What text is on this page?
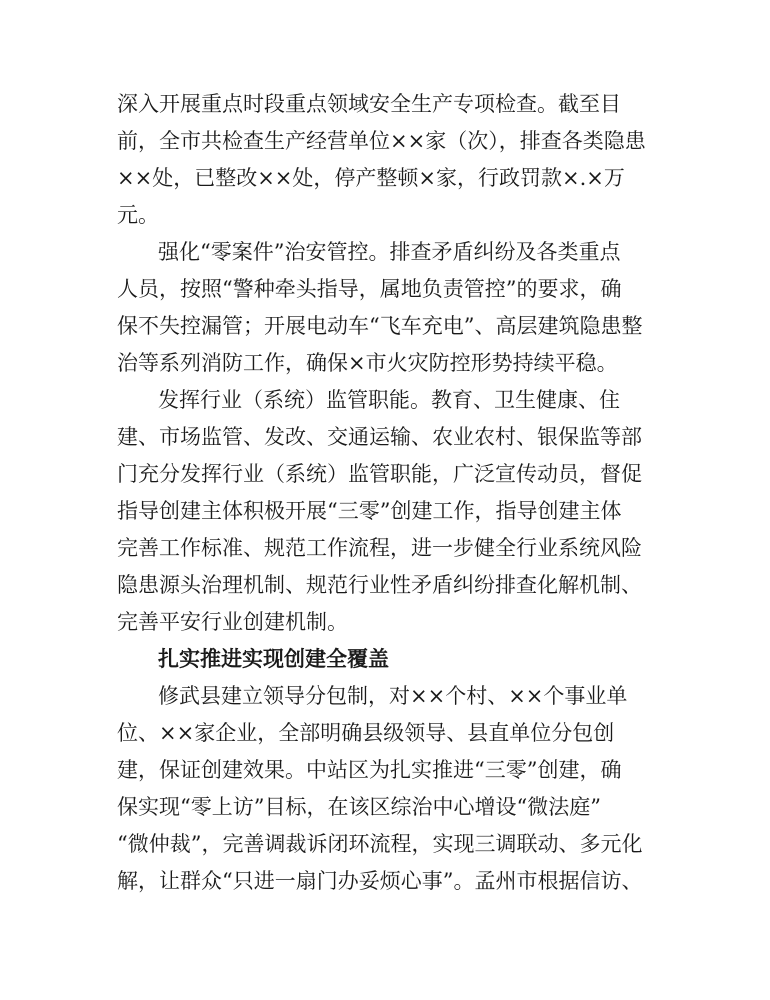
深入开展重点时段重点领域安全生产专项检查。截至目
前，全市共检查生产经营单位××家（次），排查各类隐患
××处，已整改××处，停产整顿×家，行政罚款×.×万
元。
强化“零案件”治安管控。排查矛盾纠纷及各类重点
人员，按照“警种牵头指导，属地负责管控”的要求，确
保不失控漏管；开展电动车“飞车充电”、高层建筑隐患整
治等系列消防工作，确保×市火灾防控形势持续平稳。
发挥行业（系统）监管职能。教育、卫生健康、住
建、市场监管、发改、交通运输、农业农村、银保监等部
门充分发挥行业（系统）监管职能，广泛宣传动员，督促
指导创建主体积极开展“三零”创建工作，指导创建主体
完善工作标准、规范工作流程，进一步健全行业系统风险
隐患源头治理机制、规范行业性矛盾纠纷排查化解机制、
完善平安行业创建机制。
扎实推进实现创建全覆盖
修武县建立领导分包制，对××个村、××个事业单
位、××家企业，全部明确县级领导、县直单位分包创
建，保证创建效果。中站区为扎实推进“三零”创建，确
保实现“零上访”目标，在该区综治中心增设“微法庭”
“微仲裁”，完善调裁诉闭环流程，实现三调联动、多元化
解，让群众“只进一扇门办妥烦心事”。孟州市根据信访、
